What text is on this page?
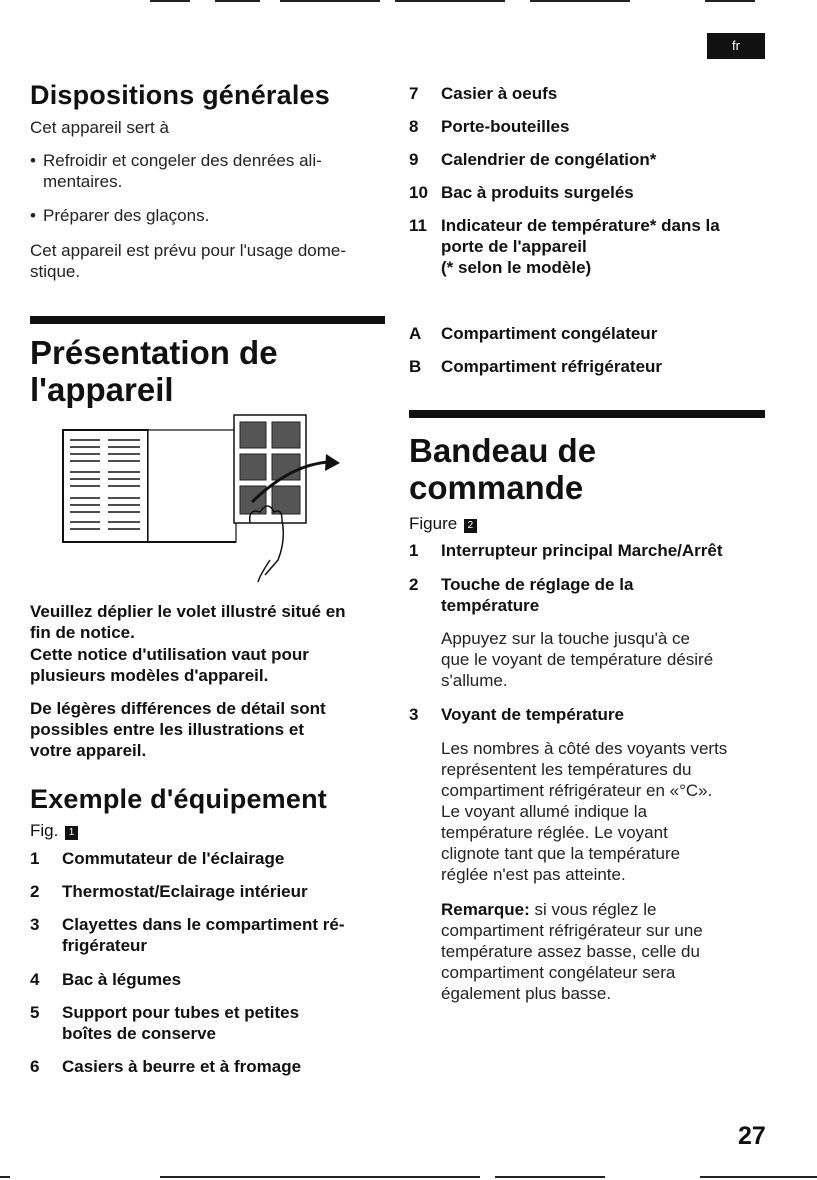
fr
Dispositions générales
Cet appareil sert à
• Refroidir et congeler des denrées ali-
mentaires.
• Préparer des glaçons.
Cet appareil est prévu pour l'usage dome-
stique.
Présentation de
l'appareil
Veuillez déplier le volet illustré situé en
fin de notice.
Cette notice d'utilisation vaut pour
plusieurs modèles d'appareil.
De légères différences de détail sont
possibles entre les illustrations et
votre appareil.
Exemple d'équipement
Fig. 1
1	Commutateur de l'éclairage
2	Thermostat/Eclairage intérieur
3	Clayettes dans le compartiment ré-
frigérateur
4	Bac à légumes
5	Support pour tubes et petites
boîtes de conserve
6	Casiers à beurre et à fromage
7	Casier à oeufs
8	Porte-bouteilles
9	Calendrier de congélation*
10 Bac à produits surgelés
11 Indicateur de température* dans la
porte de l'appareil
(* selon le modèle)
A	Compartiment congélateur
B	Compartiment réfrigérateur
Bandeau de
commande
Figure 2
1	Interrupteur principal Marche/Arrêt
2	Touche de réglage de la
température
Appuyez sur la touche jusqu'à ce
que le voyant de température désiré
s'allume.
3	Voyant de température
Les nombres à côté des voyants verts
représentent les températures du
compartiment réfrigérateur en «°C».
Le voyant allumé indique la
température réglée. Le voyant
clignote tant que la température
réglée n'est pas atteinte.
Remarque: si vous réglez le
compartiment réfrigérateur sur une
température assez basse, celle du
compartiment congélateur sera
également plus basse.
27
